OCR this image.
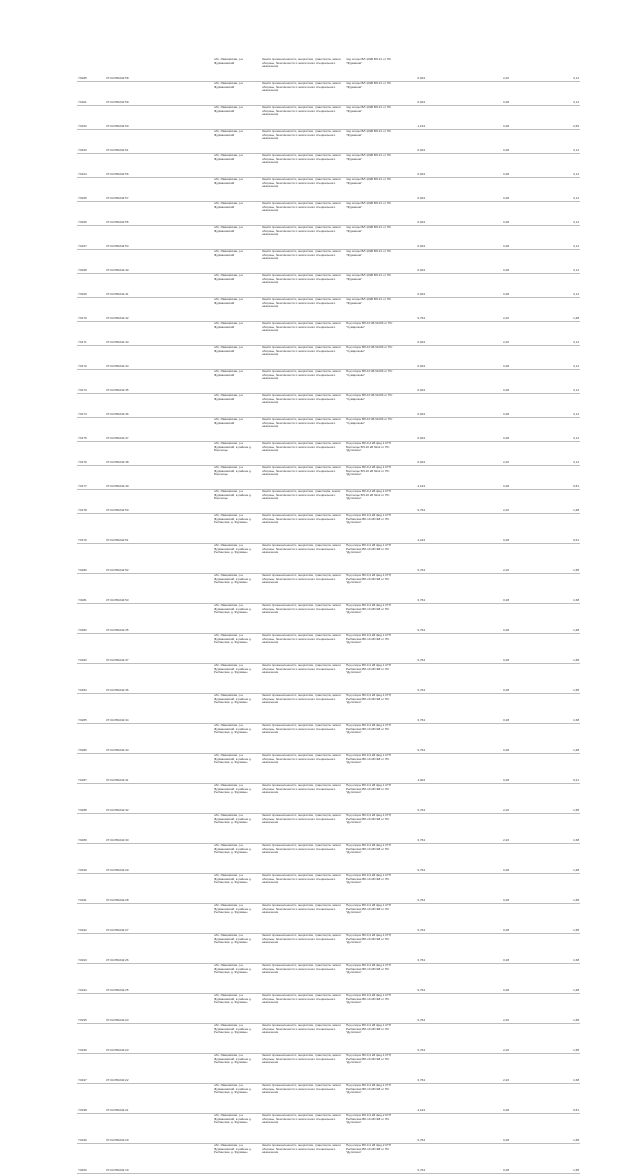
Y0185	37:04:050242:58		обл. Ивановская, р-н Фурмановский	Земли промышленности, энергетики, транспорта, земли обороны, безопасности и земли иного специального назначения	под опоры ВЛ-10кВ ВЛ-21 от ПС "Фурманов"	0,004		2,20		0,11
Y0161	37:04:050242:59		обл. Ивановская, р-н Фурмановский	Земли промышленности, энергетики, транспорта, земли обороны, безопасности и земли иного специального назначения	под опоры ВЛ-10кВ ВЛ-21 от ПС "Фурманов"	0,004		0,28		0,11
Y0162	37:04:050242:60		обл. Ивановская, р-н Фурмановский	Земли промышленности, энергетики, транспорта, земли обороны, безопасности и земли иного специального назначения	под опоры ВЛ-10кВ ВЛ-21 от ПС "Фурманов"	1,164		0,28		2,69
Y0163	37:04:050242:61		обл. Ивановская, р-н Фурмановский	Земли промышленности, энергетики, транспорта, земли обороны, безопасности и земли иного специального назначения	под опоры ВЛ-10кВ ВЛ-21 от ПС "Фурманов"	0,004		0,28		0,11
Y0164	37:04:050242:56		обл. Ивановская, р-н Фурмановский	Земли промышленности, энергетики, транспорта, земли обороны, безопасности и земли иного специального назначения	под опоры ВЛ-10кВ ВЛ-21 от ПС "Фурманов"	0,004		0,28		0,11
Y0165	37:04:050242:57		обл. Ивановская, р-н Фурмановский	Земли промышленности, энергетики, транспорта, земли обороны, безопасности и земли иного специального назначения	под опоры ВЛ-10кВ ВЛ-21 от ПС "Фурманов"	0,004		0,28		0,11
Y0166	37:04:050242:55		обл. Ивановская, р-н Фурмановский	Земли промышленности, энергетики, транспорта, земли обороны, безопасности и земли иного специального назначения	под опоры ВЛ-10кВ ВЛ-21 от ПС "Фурманов"	0,004		0,28		0,11
Y0167	37:04:050242:54		обл. Ивановская, р-н Фурмановский	Земли промышленности, энергетики, транспорта, земли обороны, безопасности и земли иного специального назначения	под опоры ВЛ-10кВ ВЛ-21 от ПС "Фурманов"	0,004		0,28		0,11
Y0168	37:04:050242:40		обл. Ивановская, р-н Фурмановский	Земли промышленности, энергетики, транспорта, земли обороны, безопасности и земли иного специального назначения	под опоры ВЛ-10кВ ВЛ-21 от ПС "Фурманов"	0,004		0,28		0,11
Y0169	37:04:050242:41		обл. Ивановская, р-н Фурмановский	Земли промышленности, энергетики, транспорта, земли обороны, безопасности и земли иного специального назначения	под опоры ВЛ-10кВ ВЛ-21 от ПС "Фурманов"	0,004		0,28		0,11
Y0170	37:04:050242:42		обл. Ивановская, р-н Фурмановский	Земли промышленности, энергетики, транспорта, земли обороны, безопасности и земли иного специального назначения	под опоры ВЛ-10кВ ВЛ-21 от ПС "Фурманов"	0,764		2,20		1,68
Y0171	37:04:050242:43		обл. Ивановская, р-н Фурмановский	Земли промышленности, энергетики, транспорта, земли обороны, безопасности и земли иного специального назначения	Под опоры ВЛ-10 кВ №106 от ПС "Сумароково"	0,004		2,20		0,11
Y0172	37:04:050242:44		обл. Ивановская, р-н Фурмановский	Земли промышленности, энергетики, транспорта, земли обороны, безопасности и земли иного специального назначения	Под опоры ВЛ-10 кВ №106 от ПС "Сумароково"	0,004		0,28		0,11
Y0173	37:04:050242:45		обл. Ивановская, р-н Фурмановский	Земли промышленности, энергетики, транспорта, земли обороны, безопасности и земли иного специального назначения	Под опоры ВЛ-10 кВ №106 от ПС "Сумароково"	0,004		0,28		0,11
Y0174	37:04:050242:46		обл. Ивановская, р-н Фурмановский	Земли промышленности, энергетики, транспорта, земли обороны, безопасности и земли иного специального назначения	Под опоры ВЛ-10 кВ №106 от ПС "Сумароково"	0,004		0,28		0,11
Y0175	37:04:050242:47		обл. Ивановская, р-н Фурмановский	Земли промышленности, энергетики, транспорта, земли обороны, безопасности и земли иного специального назначения	Под опоры ВЛ-10 кВ №106 от ПС "Сумароково"	0,004		0,28		0,11
Y0176	37:04:050242:48		обл. Ивановская, р-н Фурмановский, в районе д. Бортницы	Земли промышленности, энергетики, транспорта, земли обороны, безопасности и земли иного специального назначения	Под опоры ВЛ-0,4 кВ фид.1 КТП Бортницы ВЛ-10 кВ №12 от ПС "Дуляпино"	0,004		2,20		0,11
Y0177	37:04:050242:49		обл. Ивановская, р-н Фурмановский, в районе д. Бортницы	Земли промышленности, энергетики, транспорта, земли обороны, безопасности и земли иного специального назначения	Под опоры ВЛ-0,4 кВ фид.1 КТП Бортницы ВЛ-10 кВ №12 от ПС "Дуляпино"	4,164		0,28		9,51
Y0178	37:04:050242:50		обл. Ивановская, р-н Фурмановский, в районе д. Бортницы	Земли промышленности, энергетики, транспорta, земли обороны, безопасности и земли иного специального назначения	Под опоры ВЛ-0,4 кВ фид.1 КТП Бортницы ВЛ-10 кВ №12 от ПС "Дуляпино"	0,764		2,20		1,68
Y0179	37:04:050242:51		обл. Ивановская, р-н Фурмановский, в районе д. Рыбинская, д. Фурманы	Земли промышленности, энергетики, транспорта, земли обороны, безопасности и земли иного специального назначения	Под опоры ВЛ-0,4 кВ фид.1 КТП Рыбинская ВЛ-10 кВ №8 от ПС "Дуляпино"	4,224		0,28		9,61
Y0180	37:04:050242:52		обл. Ивановская, р-н Фурмановский, в районе д. Рыбинская, д. Фурманы	Земли промышленности, энергетики, транспорта, земли обороны, безопасности и земли иного специального назначения	Под опоры ВЛ-0,4 кВ фид.1 КТП Рыбинская ВЛ-10 кВ №8 от ПС "Дуляпино"	0,764		2,20		1,68
Y0181	37:04:050242:53		обл. Ивановская, р-н Фурмановский, в районе д. Рыбинская, д. Фурманы	Земли промышленности, энергетики, транспорта, земли обороны, безопасности и земли иного специального назначения	Под опоры ВЛ-0,4 кВ фид.1 КТП Рыбинская ВЛ-10 кВ №8 от ПС "Дуляпино"	0,764		0,28		1,68
Y0182	37:04:050242:35		обл. Ивановская, р-н Фурмановский, в районе д. Рыбинская, д. Фурманы	Земли промышленности, энергетики, транспорта, земли обороны, безопасности и земли иного специального назначения	Под опоры ВЛ-0,4 кВ фид.1 КТП Рыбинская ВЛ-10 кВ №8 от ПС "Дуляпино"	0,764		0,28		1,68
Y0183	37:04:050242:37		обл. Ивановская, р-н Фурмановский, в районе д. Рыбинская, д. Фурманы	Земли промышленности, энергетики, транспорта, земли обороны, безопасности и земли иного специального назначения	Под опоры ВЛ-0,4 кВ фид.1 КТП Рыбинская ВЛ-10 кВ №8 от ПС "Дуляпино"	0,764		0,28		1,68
Y0184	37:04:050242:36		обл. Ивановская, р-н Фурмановский, в районе д. Рыбинская, д. Фурманы	Земли промышленности, энергетики, транспорта, земли обороны, безопасности и земли иного специального назначения	Под опоры ВЛ-0,4 кВ фид.1 КТП Рыбинская ВЛ-10 кВ №8 от ПС "Дуляпино"	0,764		0,28		1,68
Y0185	37:04:050242:34		обл. Ивановская, р-н Фурмановский, в районе д. Рыбинская, д. Фурманы	Земли промышленности, энергетики, транспорта, земли обороны, безопасности и земли иного специального назначения	Под опоры ВЛ-0,4 кВ фид.1 КТП Рыбинская ВЛ-10 кВ №8 от ПС "Дуляпино"	0,764		0,28		1,68
Y0186	37:04:050242:33		обл. Ивановская, р-н Фурмановский, в районе д. Рыбинская, д. Фурманы	Земли промышленности, энергетики, транспорта, земли обороны, безопасности и земли иного специального назначения	Под опоры ВЛ-0,4 кВ фид.1 КТП Рыбинская ВЛ-10 кВ №8 от ПС "Дуляпино"	0,764		0,28		1,68
Y0187	37:04:050242:31		обл. Ивановская, р-н Фурмановский, в районе д. Рыбинская, д. Фурманы	Земли промышленности, энергетики, транспорта, земли обороны, безопасности и земли иного специального назначения	Под опоры ВЛ-0,4 кВ фид.1 КТП Рыбинская ВЛ-10 кВ №8 от ПС "Дуляпино"	4,004		0,28		9,21
Y0188	37:04:050242:32		обл. Ивановская, р-н Фурмановский, в районе д. Рыбинская, д. Фурманы	Земли промышленности, энергетики, транспорта, земли обороны, безопасности и земли иного специального назначения	Под опоры ВЛ-0,4 кВ фид.1 КТП Рыбинская ВЛ-10 кВ №8 от ПС "Дуляпино"	0,764		2,20		1,68
Y0189	37:04:050242:30		обл. Ивановская, р-н Фурмановский, в районе д. Рыбинская, д. Фурманы	Земли промышленности, энергетики, транспорта, земли обороны, безопасности и земли иного специального назначения	Под опоры ВЛ-0,4 кВ фид.1 КТП Рыбинская ВЛ-10 кВ №8 от ПС "Дуляпино"	0,764		2,20		1,68
Y0190	37:04:050242:29		обл. Ивановская, р-н Фурмановский, в районе д. Рыбинская, д. Фурманы	Земли промышленности, энергетики, транспорта, земли обороны, безопасности и земли иного специального назначения	Под опоры ВЛ-0,4 кВ фид.1 КТП Рыбинская ВЛ-10 кВ №8 от ПС "Дуляпино"	0,764		0,28		1,68
Y0191	37:04:050242:28		обл. Ивановская, р-н Фурмановский, в районе д. Рыбинская, д. Фурманы	Земли промышленности, энергетики, транспорта, земли обороны, безопасности и земли иного специального назначения	Под опоры ВЛ-0,4 кВ фид.1 КТП Рыбинская ВЛ-10 кВ №8 от ПС "Дуляпино"	0,764		0,28		1,68
Y0192	37:04:050242:27		обл. Ивановская, р-н Фурмановский, в районе д. Рыбинская, д. Фурманы	Земли промышленности, энергетики, транспорта, земли обороны, безопасности и земли иного специального назначения	Под опоры ВЛ-0,4 кВ фид.1 КТП Рыбинская ВЛ-10 кВ №8 от ПС "Дуляпино"	0,764		0,28		1,68
Y0193	37:04:050242:26		обл. Ивановская, р-н Фурмановский, в районе д. Рыбинская, д. Фурманы	Земли промышленности, энергетики, транспорта, земли обороны, безопасности и земли иного специального назначения	Под опоры ВЛ-0,4 кВ фид.1 КТП Рыбинская ВЛ-10 кВ №8 от ПС "Дуляпино"	0,764		0,28		1,68
Y0194	37:04:050242:25		обл. Ивановская, р-н Фурмановский, в районе д. Рыбинская, д. Фурманы	Земли промышленности, энергетики, транспорта, земли обороны, безопасности и земли иного специального назначения	Под опоры ВЛ-0,4 кВ фид.1 КТП Рыбинская ВЛ-10 кВ №8 от ПС "Дуляпино"	0,764		0,28		1,68
Y0195	37:04:050242:24		обл. Ивановская, р-н Фурмановский, в районе д. Рыбинская, д. Фурманы	Земли промышленности, энергетики, транспорта, земли обороны, безопасности и земли иного специального назначения	Под опоры ВЛ-0,4 кВ фид.1 КТП Рыбинская ВЛ-10 кВ №8 от ПС "Дуляпино"	0,764		2,20		1,68
Y0196	37:04:050242:23		обл. Ивановская, р-н Фурмановский, в районе д. Рыбинская, д. Фурманы	Земли промышленности, энергетики, транспорта, земли обороны, безопасности и земли иного специального назначения	Под опоры ВЛ-0,4 кВ фид.1 КТП Рыбинская ВЛ-10 кВ №8 от ПС "Дуляпино"	0,764		2,20		1,68
Y0197	37:04:050242:22		обл. Ивановская, р-н Фурмановский, в районе д. Рыбинская, д. Фурманы	Земли промышленности, энергетики, транспорта, земли обороны, безопасности и земли иного специального назначения	Под опоры ВЛ-0,4 кВ фид.1 КТП Рыбинская ВЛ-10 кВ №8 от ПС "Дуляпино"	0,764		2,20		1,68
Y0198	37:04:050242:21		обл. Ивановская, р-н Фурмановский, в районе д. Рыбинская, д. Фурманы	Земли промышленности, энергетики, транспорта, земли обороны, безопасности и земли иного специального назначения	Под опоры ВЛ-0,4 кВ фид.1 КТП Рыбинская ВЛ-10 кВ №8 от ПС "Дуляпино"	4,164		0,28		9,51
Y0199	37:04:050242:20		обл. Ивановская, р-н Фурмановский, в районе д. Рыбинская, д. Фурманы	Земли промышленности, энергетики, транспорта, земли обороны, безопасности и земли иного специального назначения	Под опоры ВЛ-0,4 кВ фид.2 КТП Рыбинская ВЛ-10 кВ №8 от ПС "Дуляпино"	0,764		0,28		1,68
Y0200	37:04:050242:19		обл. Ивановская, р-н Фурмановский, в районе д. Рыбинская, д. Фурманы	Земли промышленности, энергетики, транспорта, земли обороны, безопасности и земли иного специального назначения	Под опоры ВЛ-0,4 кВ фид.2 КТП Рыбинская ВЛ-10 кВ №8 от ПС "Дуляпино"	0,764		0,28		1,68
